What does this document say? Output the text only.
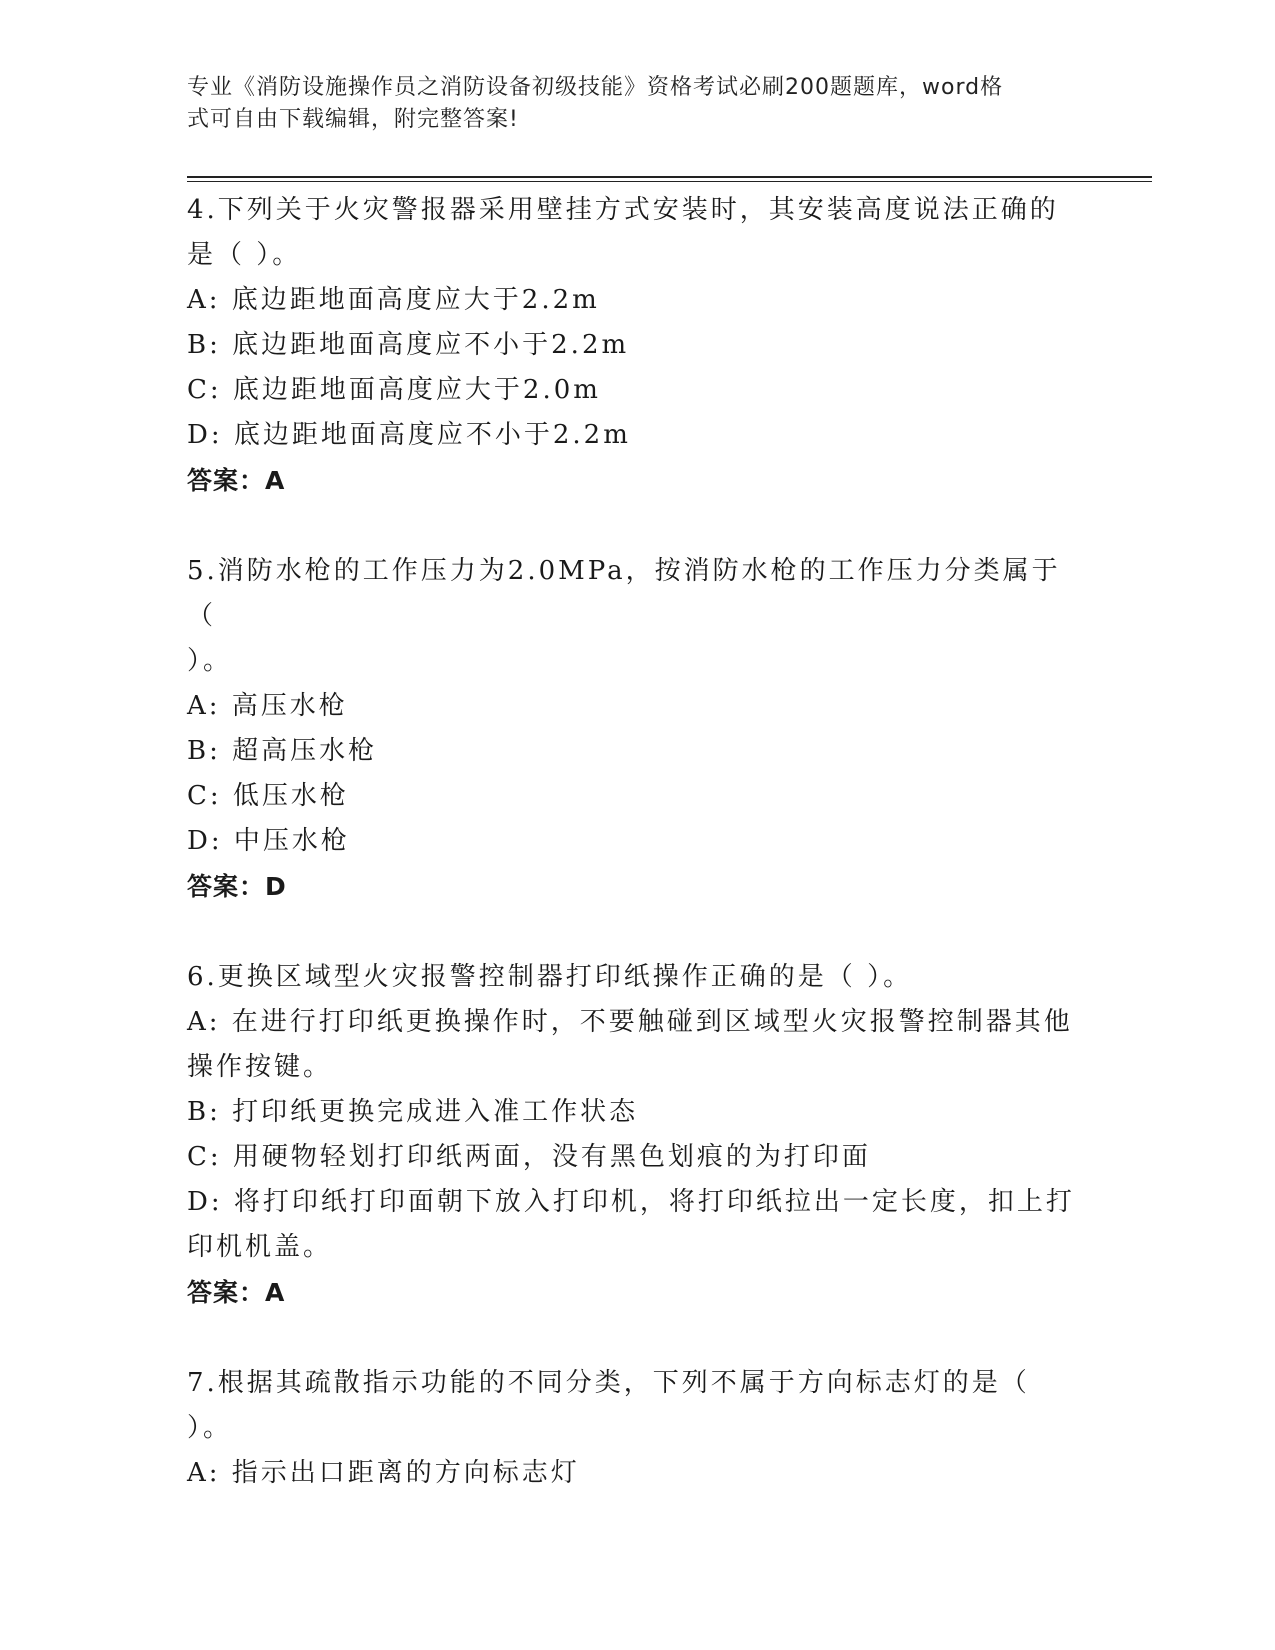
专业《消防设施操作员之消防设备初级技能》资格考试必刷200题题库，word格
式可自由下载编辑，附完整答案!
4.下列关于火灾警报器采用壁挂方式安装时，其安装高度说法正确的
是（ ）。
A: 底边距地面高度应大于2.2m
B: 底边距地面高度应不小于2.2m
C: 底边距地面高度应大于2.0m
D: 底边距地面高度应不小于2.2m
答案：A
5.消防水枪的工作压力为2.0MPa，按消防水枪的工作压力分类属于（
）。
A: 高压水枪
B: 超高压水枪
C: 低压水枪
D: 中压水枪
答案：D
6.更换区域型火灾报警控制器打印纸操作正确的是（ ）。
A: 在进行打印纸更换操作时，不要触碰到区域型火灾报警控制器其他
操作按键。
B: 打印纸更换完成进入准工作状态
C: 用硬物轻划打印纸两面，没有黑色划痕的为打印面
D: 将打印纸打印面朝下放入打印机，将打印纸拉出一定长度，扣上打
印机机盖。
答案：A
7.根据其疏散指示功能的不同分类，下列不属于方向标志灯的是（
）。
A: 指示出口距离的方向标志灯
